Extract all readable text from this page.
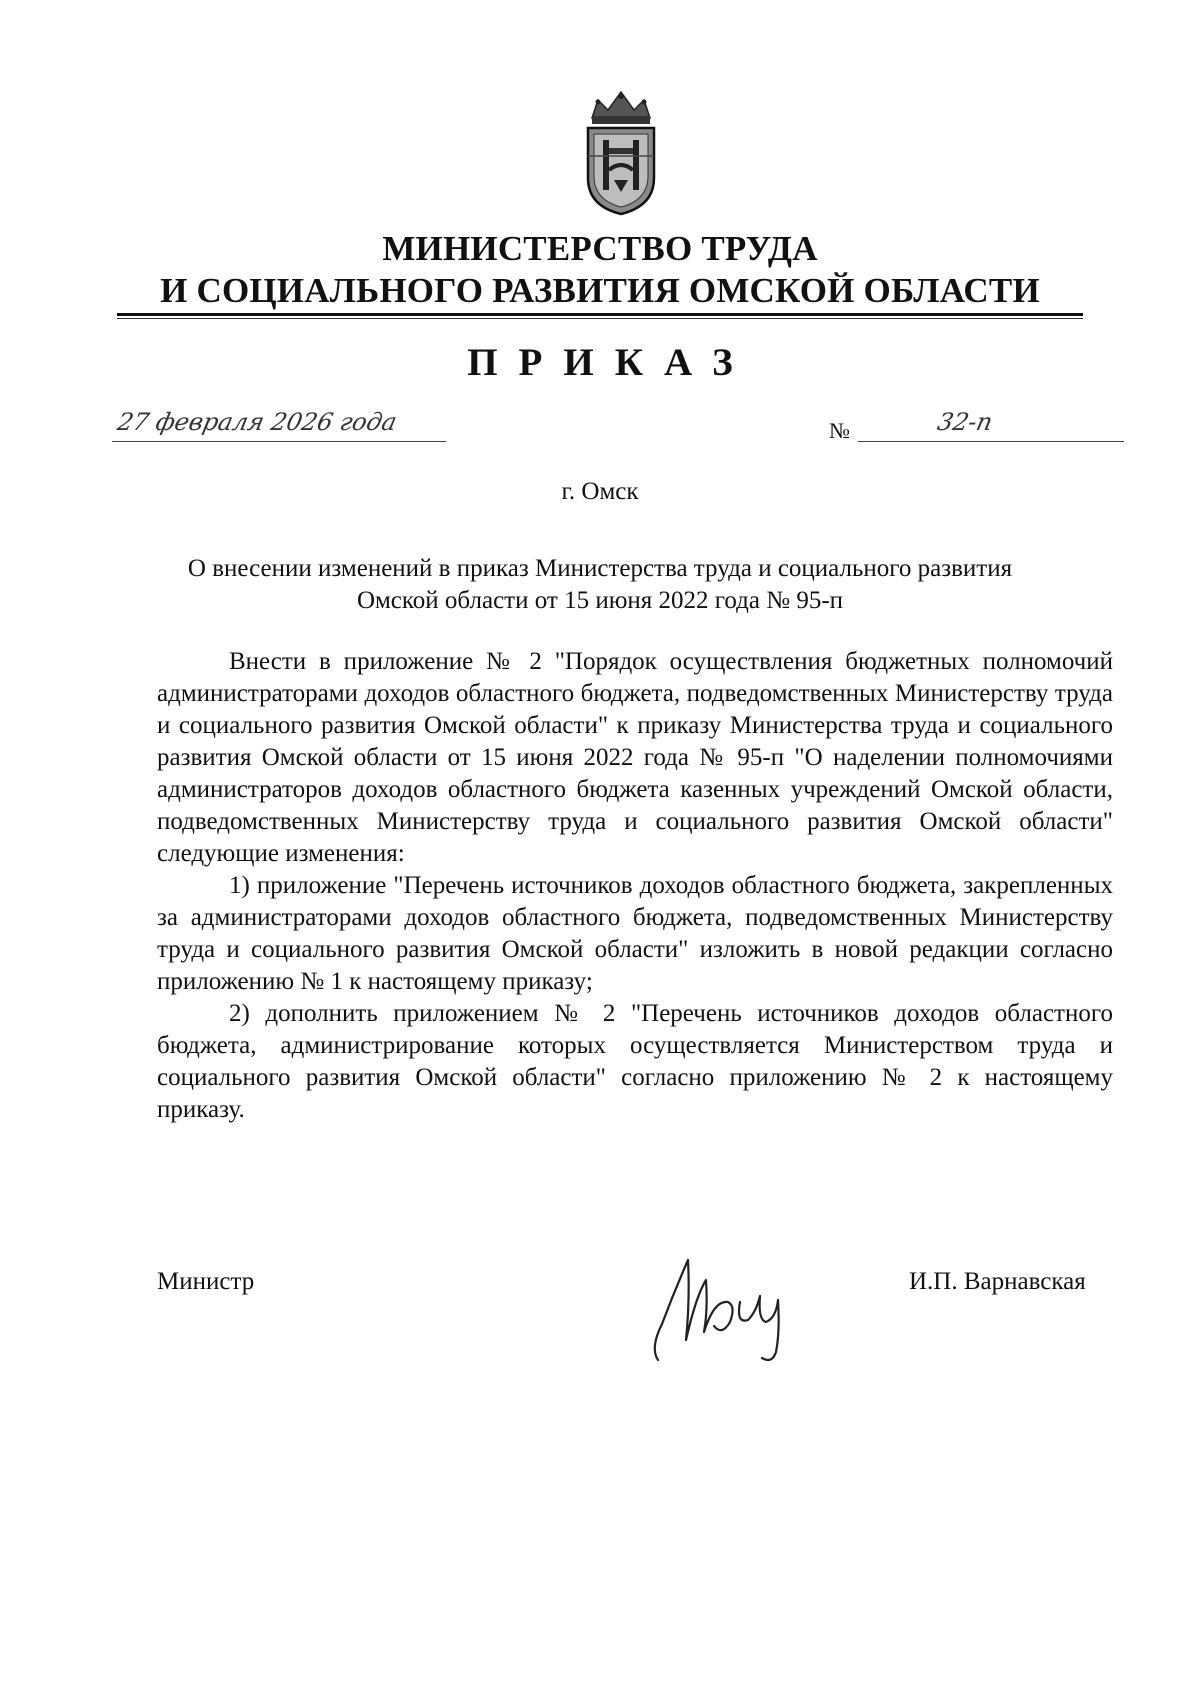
МИНИСТЕРСТВО ТРУДА
И СОЦИАЛЬНОГО РАЗВИТИЯ ОМСКОЙ ОБЛАСТИ
ПРИКАЗ
27 февраля 2026 года	№	32-п
г. Омск
О внесении изменений в приказ Министерства труда и социального развития Омской области от 15 июня 2022 года № 95-п

Внести в приложение № 2 "Порядок осуществления бюджетных полномочий администраторами доходов областного бюджета, подведомственных Министерству труда и социального развития Омской области" к приказу Министерства труда и социального развития Омской области от 15 июня 2022 года № 95-п "О наделении полномочиями администраторов доходов областного бюджета казенных учреждений Омской области, подведомственных Министерству труда и социального развития Омской области" следующие изменения:

1) приложение "Перечень источников доходов областного бюджета, закрепленных за администраторами доходов областного бюджета, подведомственных Министерству труда и социального развития Омской области" изложить в новой редакции согласно приложению № 1 к настоящему приказу;

2) дополнить приложением № 2 "Перечень источников доходов областного бюджета, администрирование которых осуществляется Министерством труда и социального развития Омской области" согласно приложению № 2 к настоящему приказу.

Министр	И.П. Варнавская
